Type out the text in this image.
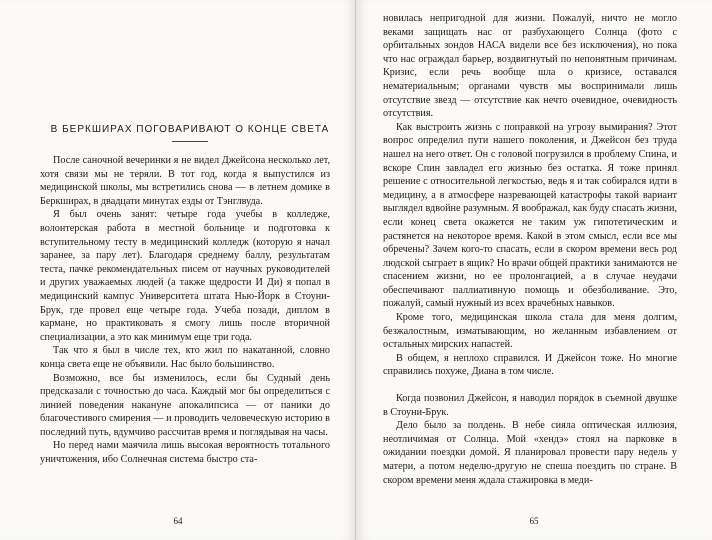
В БЕРКШИРАХ ПОГОВАРИВАЮТ О КОНЦЕ СВЕТА

После саночной вечеринки я не видел Джейсона несколько лет, хотя связи мы не теряли. В тот год, когда я выпустился из медицинской школы, мы встретились снова — в летнем домике в Беркширах, в двадцати минутах езды от Тэнглвуда.

Я был очень занят: четыре года учебы в колледже, волонтерская работа в местной больнице и подготовка к вступительному тесту в медицинский колледж (которую я начал заранее, за пару лет). Благодаря среднему баллу, результатам теста, пачке рекомендательных писем от научных руководителей и других уважаемых людей (а также щедрости И Ди) я попал в медицинский кампус Университета штата Нью-Йорк в Стоуни-Брук, где провел еще четыре года. Учеба позади, диплом в кармане, но практиковать я смогу лишь после вторичной специализации, а это как минимум еще три года.

Так что я был в числе тех, кто жил по накатанной, словно конца света еще не объявили. Нас было большинство.

Возможно, все бы изменилось, если бы Судный день предсказали с точностью до часа. Каждый мог бы определиться с линией поведения накануне апокалипсиса — от паники до благочестивого смирения — и проводить человеческую историю в последний путь, вдумчиво рассчитав время и поглядывая на часы.

Но перед нами маячила лишь высокая вероятность тотального уничтожения, ибо Солнечная система быстро ста-

64

новилась непригодной для жизни. Пожалуй, ничто не могло веками защищать нас от разбухающего Солнца (фото с орбитальных зондов НАСА видели все без исключения), но пока что нас ограждал барьер, воздвигнутый по непонятным причинам. Кризис, если речь вообще шла о кризисе, оставался нематериальным; органами чувств мы воспринимали лишь отсутствие звезд — отсутствие как нечто очевидное, очевидность отсутствия.

Как выстроить жизнь с поправкой на угрозу вымирания? Этот вопрос определил пути нашего поколения, и Джейсон без труда нашел на него ответ. Он с головой погрузился в проблему Спина, и вскоре Спин завладел его жизнью без остатка. Я тоже принял решение с относительной легкостью, ведь я и так собирался идти в медицину, а в атмосфере назревающей катастрофы такой вариант выглядел вдвойне разумным. Я воображал, как буду спасать жизни, если конец света окажется не таким уж гипотетическим и растянется на некоторое время. Какой в этом смысл, если все мы обречены? Зачем кого-то спасать, если в скором времени весь род людской сыграет в ящик? Но врачи общей практики занимаются не спасением жизни, но ее пролонгацией, а в случае неудачи обеспечивают паллиативную помощь и обезболивание. Это, пожалуй, самый нужный из всех врачебных навыков.

Кроме того, медицинская школа стала для меня долгим, безжалостным, изматывающим, но желанным избавлением от остальных мирских напастей.

В общем, я неплохо справился. И Джейсон тоже. Но многие справились похуже, Диана в том числе.

Когда позвонил Джейсон, я наводил порядок в съемной двушке в Стоуни-Брук.

Дело было за полдень. В небе сияла оптическая иллюзия, неотличимая от Солнца. Мой «хендэ» стоял на парковке в ожидании поездки домой. Я планировал провести пару недель у матери, а потом неделю-другую не спеша поездить по стране. В скором времени меня ждала стажировка в меди-

65
